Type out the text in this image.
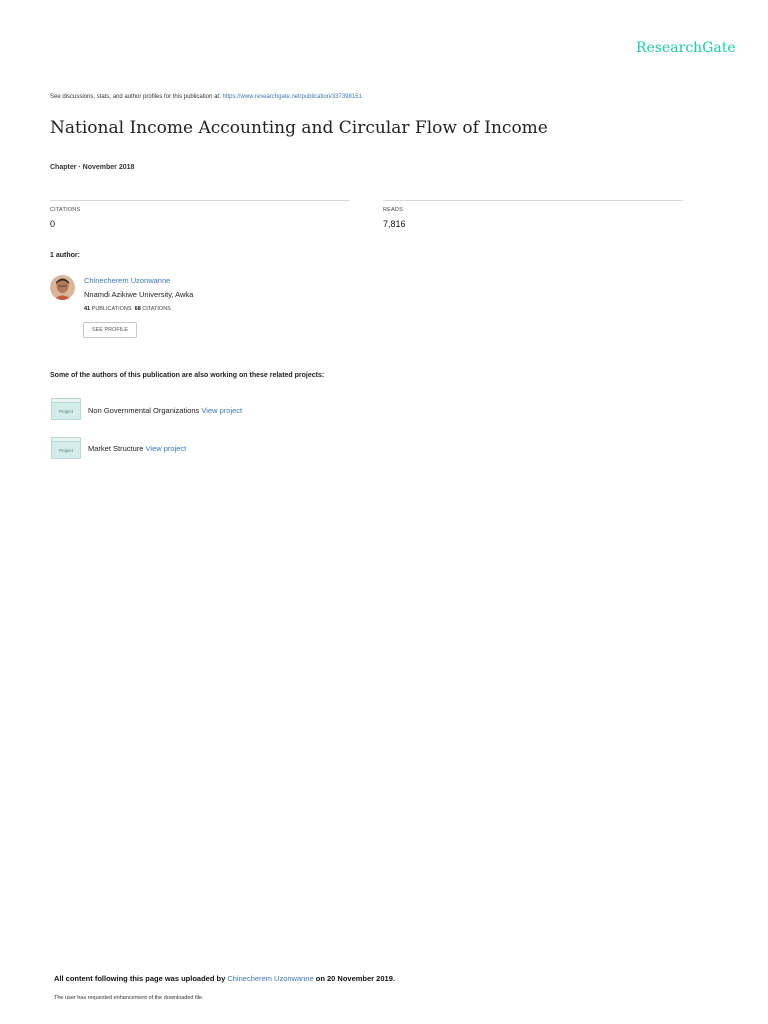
ResearchGate
See discussions, stats, and author profiles for this publication at: https://www.researchgate.net/publication/337398151
National Income Accounting and Circular Flow of Income
Chapter · November 2018
CITATIONS
0
READS
7,816
1 author:
Chinecherem Uzonwanne
Nnamdi Azikiwe University, Awka
41 PUBLICATIONS 68 CITATIONS
SEE PROFILE
Some of the authors of this publication are also working on these related projects:
Project	Non Governmental Organizations View project
Project	Market Structure View project
All content following this page was uploaded by Chinecherem Uzonwanne on 20 November 2019.
The user has requested enhancement of the downloaded file.
